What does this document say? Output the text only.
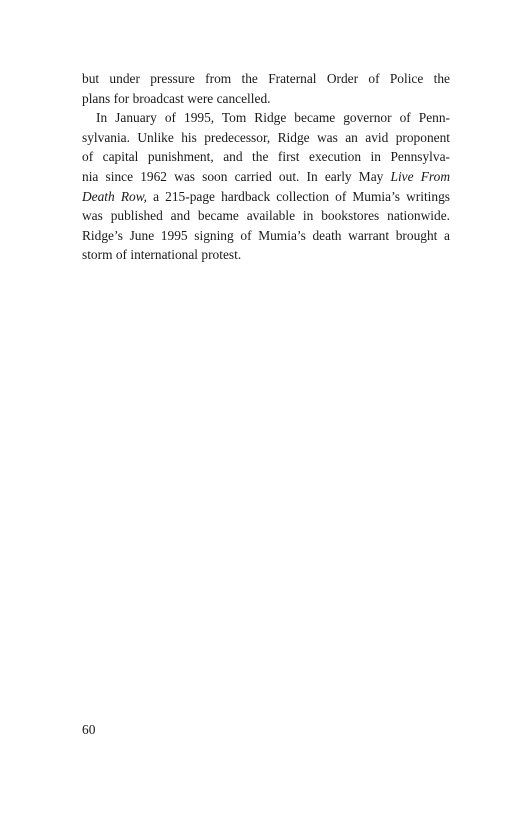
but under pressure from the Fraternal Order of Police the
plans for broadcast were cancelled.
In January of 1995, Tom Ridge became governor of Penn-
sylvania. Unlike his predecessor, Ridge was an avid proponent
of capital punishment, and the first execution in Pennsylva-
nia since 1962 was soon carried out. In early May Live From
Death Row, a 215-page hardback collection of Mumia’s writings
was published and became available in bookstores nationwide.
Ridge’s June 1995 signing of Mumia’s death warrant brought a
storm of international protest.
60
